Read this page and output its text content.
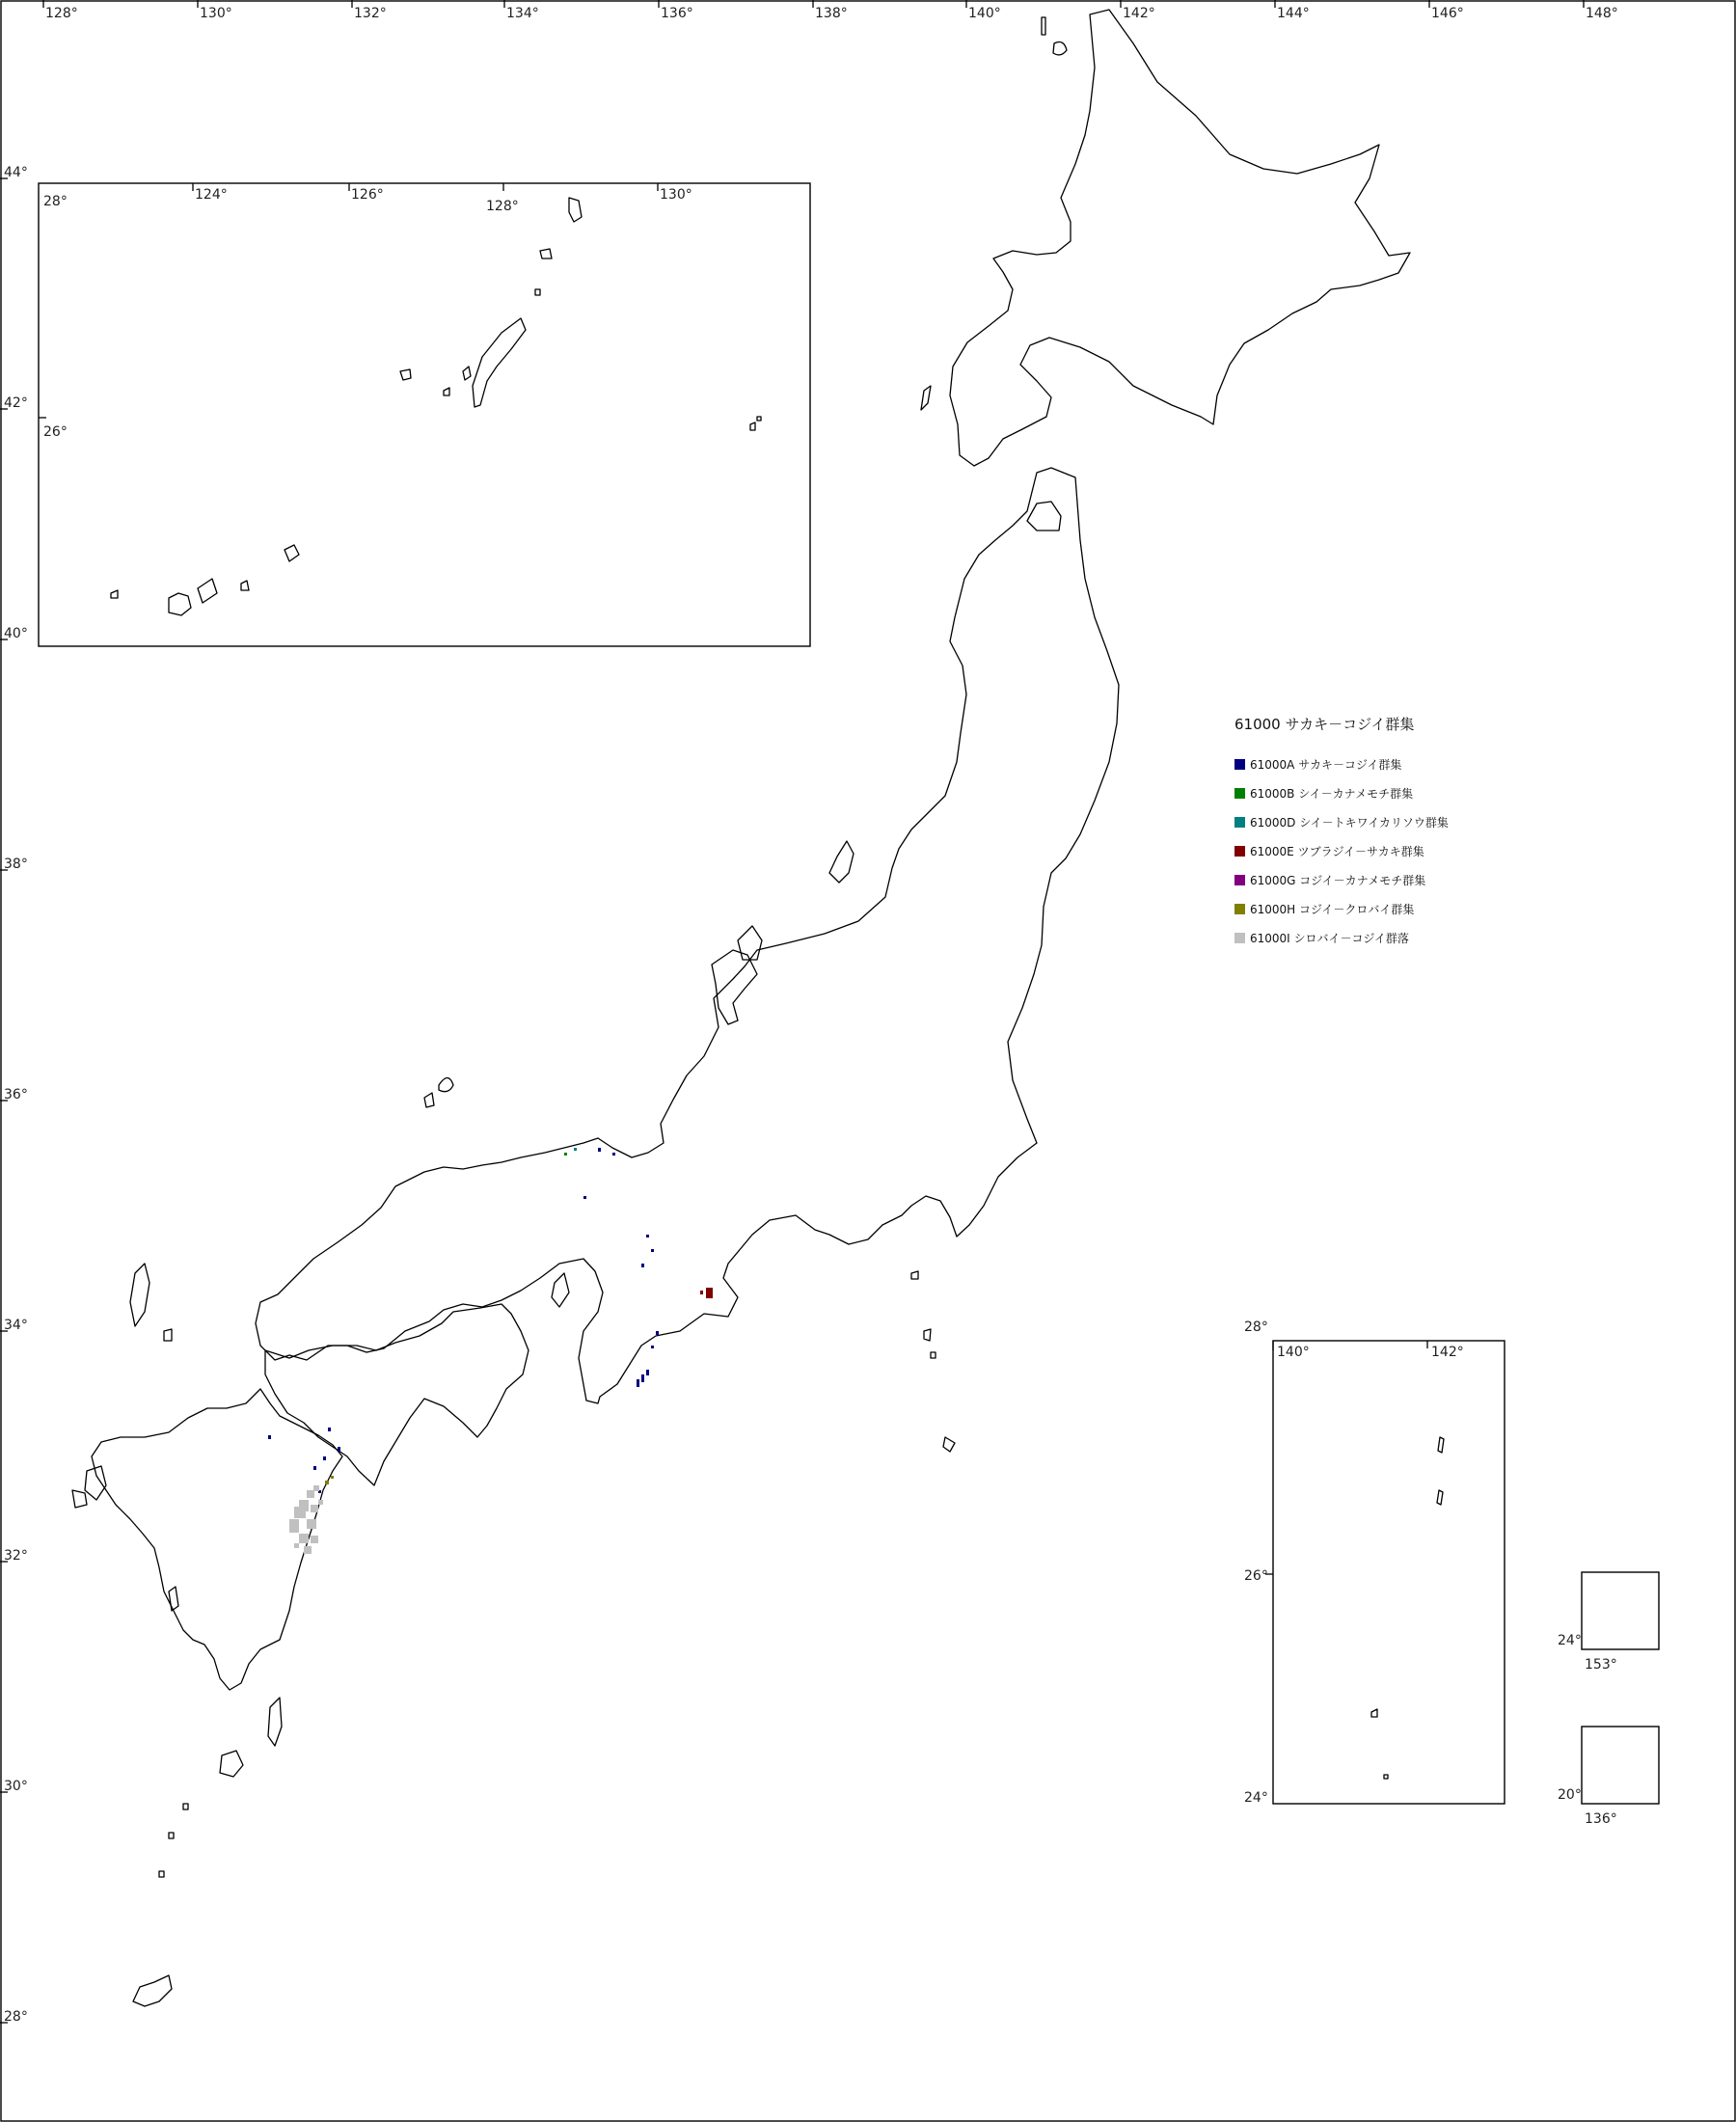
128°	130°	132°	134°	136°	138°	140°	142°	144°	146°	148°
44°
42°
40°
38°
36°
34°
32°
30°
28°
28°	124°	126°
128°
130°
26°
28°
140°	142°
26°
24°
24°
153°
20°
136°
61000 サカキ－コジイ群集
61000A サカキ－コジイ群集
61000B シイ－カナメモチ群集
61000D シイ－トキワイカリソウ群集
61000E ツブラジイ－サカキ群集
61000G コジイ－カナメモチ群集
61000H コジイ－クロバイ群集
61000I シロバイ－コジイ群落
